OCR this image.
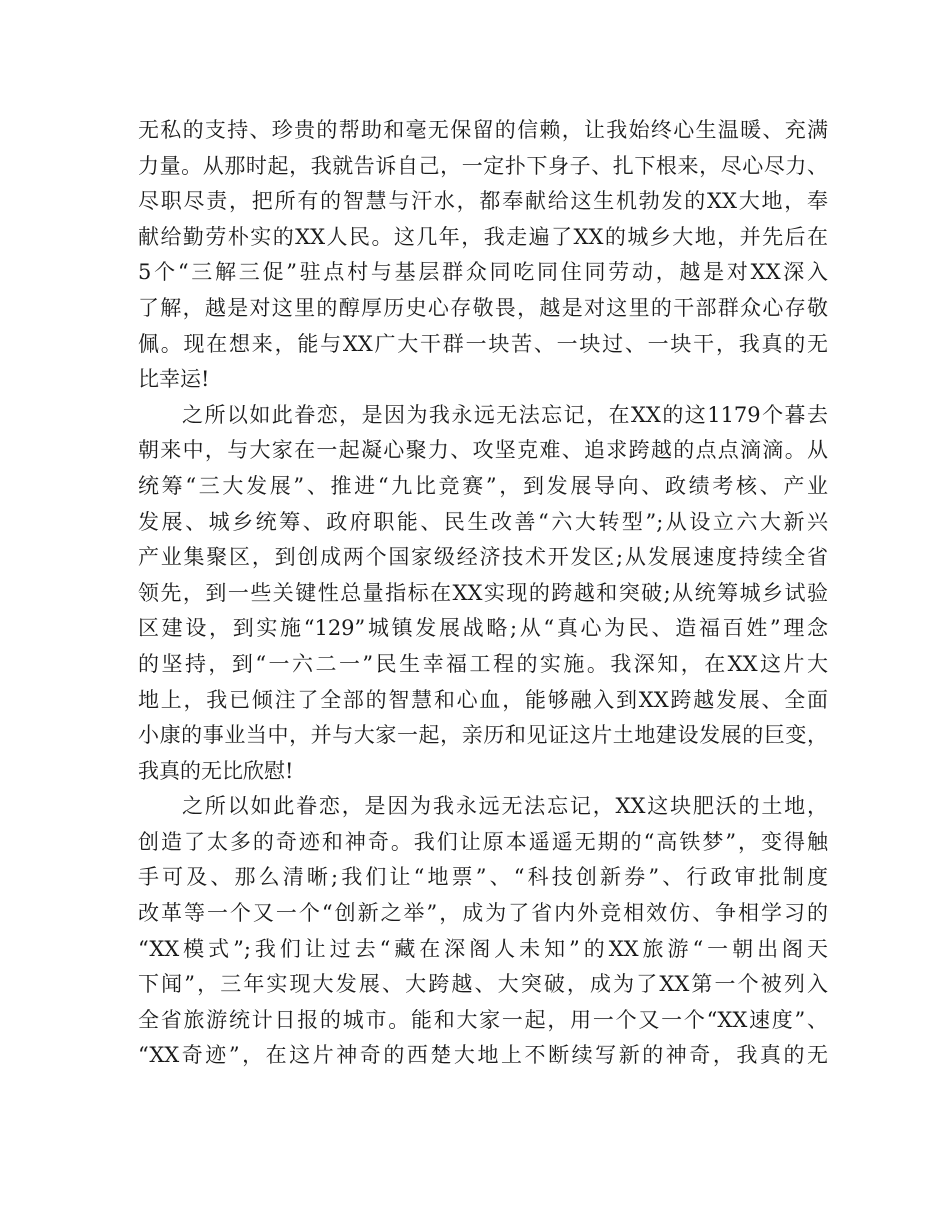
无私的支持、珍贵的帮助和毫无保留的信赖，让我始终心生温暖、充满
力量。从那时起，我就告诉自己，一定扑下身子、扎下根来，尽心尽力、
尽职尽责，把所有的智慧与汗水，都奉献给这生机勃发的XX大地，奉
献给勤劳朴实的XX人民。这几年，我走遍了XX的城乡大地，并先后在
5个“三解三促”驻点村与基层群众同吃同住同劳动，越是对XX深入
了解，越是对这里的醇厚历史心存敬畏，越是对这里的干部群众心存敬
佩。现在想来，能与XX广大干群一块苦、一块过、一块干，我真的无
比幸运!
之所以如此眷恋，是因为我永远无法忘记，在XX的这1179个暮去
朝来中，与大家在一起凝心聚力、攻坚克难、追求跨越的点点滴滴。从
统筹“三大发展”、推进“九比竞赛”，到发展导向、政绩考核、产业
发展、城乡统筹、政府职能、民生改善“六大转型”;从设立六大新兴
产业集聚区，到创成两个国家级经济技术开发区;从发展速度持续全省
领先，到一些关键性总量指标在XX实现的跨越和突破;从统筹城乡试验
区建设，到实施“129”城镇发展战略;从“真心为民、造福百姓”理念
的坚持，到“一六二一”民生幸福工程的实施。我深知，在XX这片大
地上，我已倾注了全部的智慧和心血，能够融入到XX跨越发展、全面
小康的事业当中，并与大家一起，亲历和见证这片土地建设发展的巨变，
我真的无比欣慰!
之所以如此眷恋，是因为我永远无法忘记，XX这块肥沃的土地，
创造了太多的奇迹和神奇。我们让原本遥遥无期的“高铁梦”，变得触
手可及、那么清晰;我们让“地票”、“科技创新券”、行政审批制度
改革等一个又一个“创新之举”，成为了省内外竞相效仿、争相学习的
“XX模式”;我们让过去“藏在深阁人未知”的XX旅游“一朝出阁天
下闻”，三年实现大发展、大跨越、大突破，成为了XX第一个被列入
全省旅游统计日报的城市。能和大家一起，用一个又一个“XX速度”、
“XX奇迹”，在这片神奇的西楚大地上不断续写新的神奇，我真的无
